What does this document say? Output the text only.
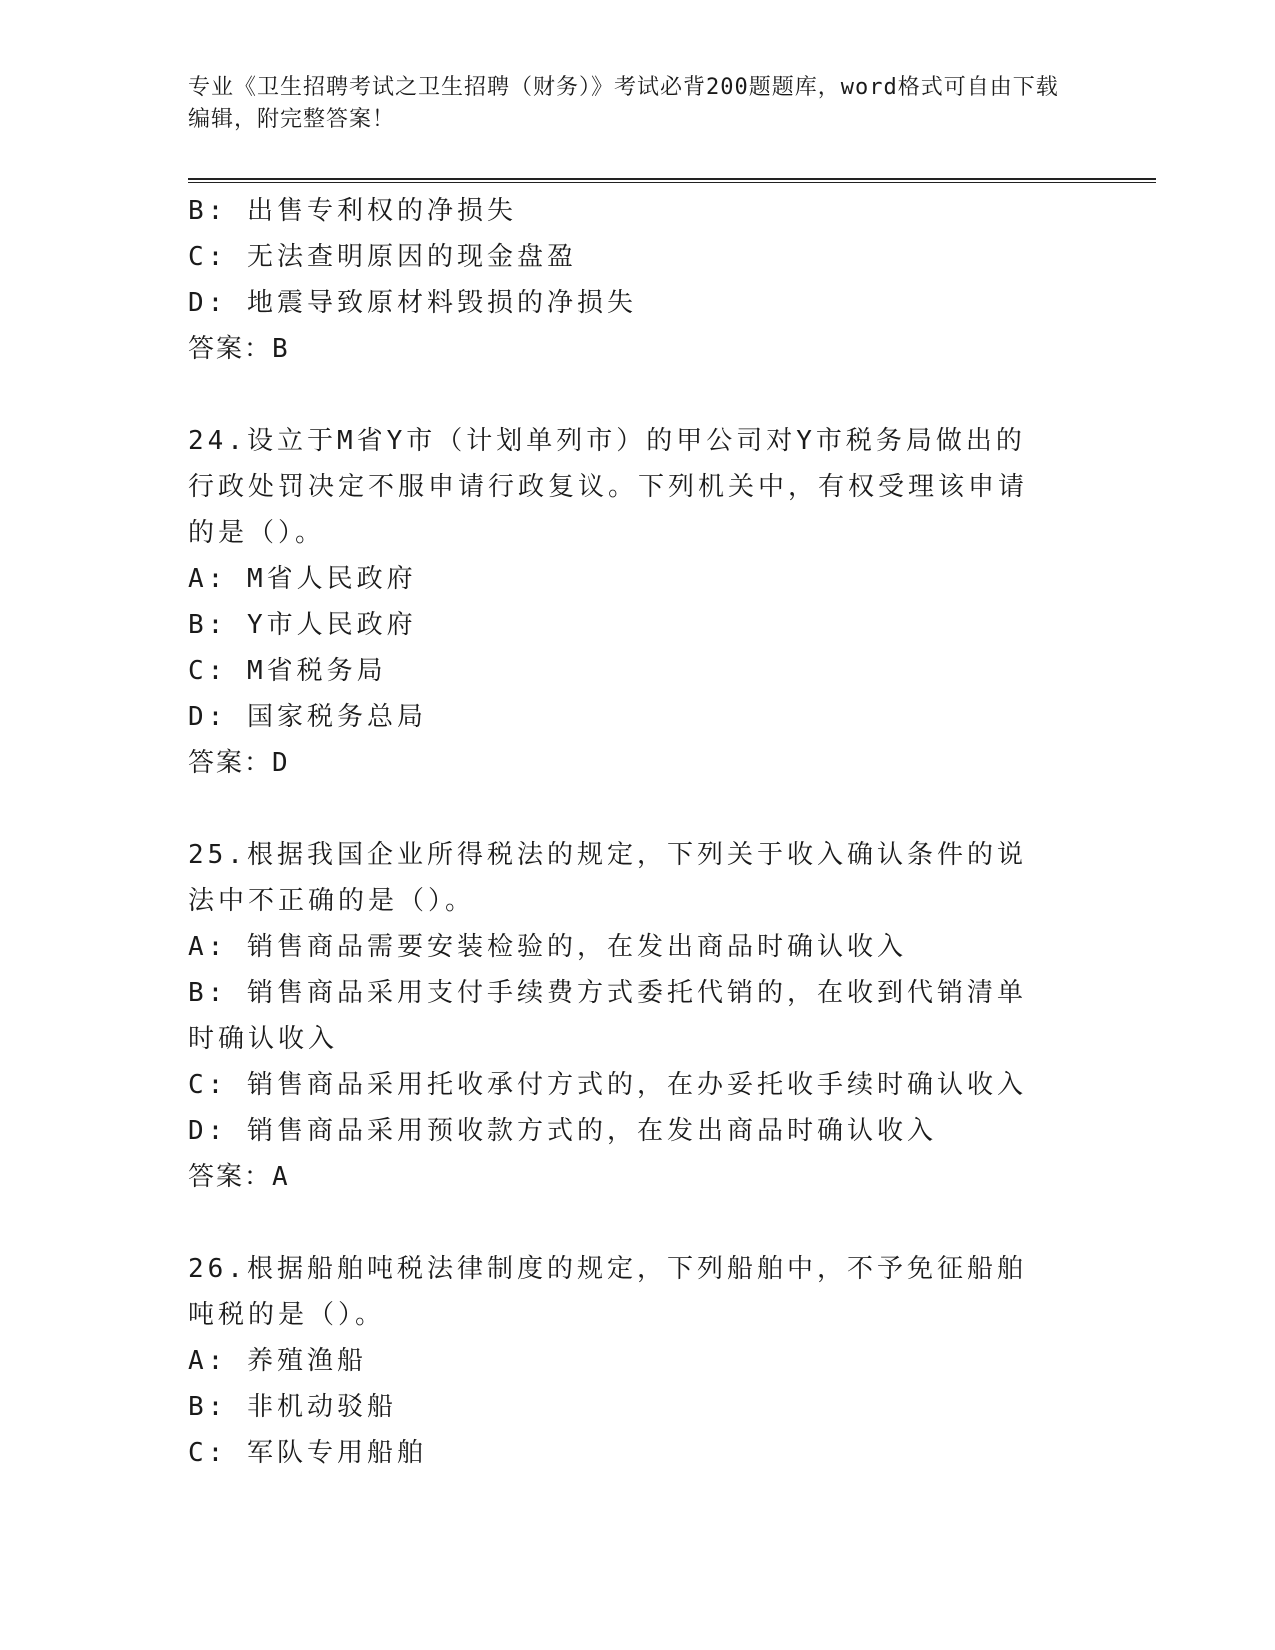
专业《卫生招聘考试之卫生招聘（财务）》考试必背200题题库，word格式可自由下载编辑，附完整答案！
B: 出售专利权的净损失
C: 无法查明原因的现金盘盈
D: 地震导致原材料毁损的净损失
答案：B
24.设立于M省Y市（计划单列市）的甲公司对Y市税务局做出的行政处罚决定不服申请行政复议。下列机关中，有权受理该申请的是（）。
A: M省人民政府
B: Y市人民政府
C: M省税务局
D: 国家税务总局
答案：D
25.根据我国企业所得税法的规定，下列关于收入确认条件的说法中不正确的是（）。
A: 销售商品需要安装检验的，在发出商品时确认收入
B: 销售商品采用支付手续费方式委托代销的，在收到代销清单时确认收入
C: 销售商品采用托收承付方式的，在办妥托收手续时确认收入
D: 销售商品采用预收款方式的，在发出商品时确认收入
答案：A
26.根据船舶吨税法律制度的规定，下列船舶中，不予免征船舶吨税的是（）。
A: 养殖渔船
B: 非机动驳船
C: 军队专用船舶
